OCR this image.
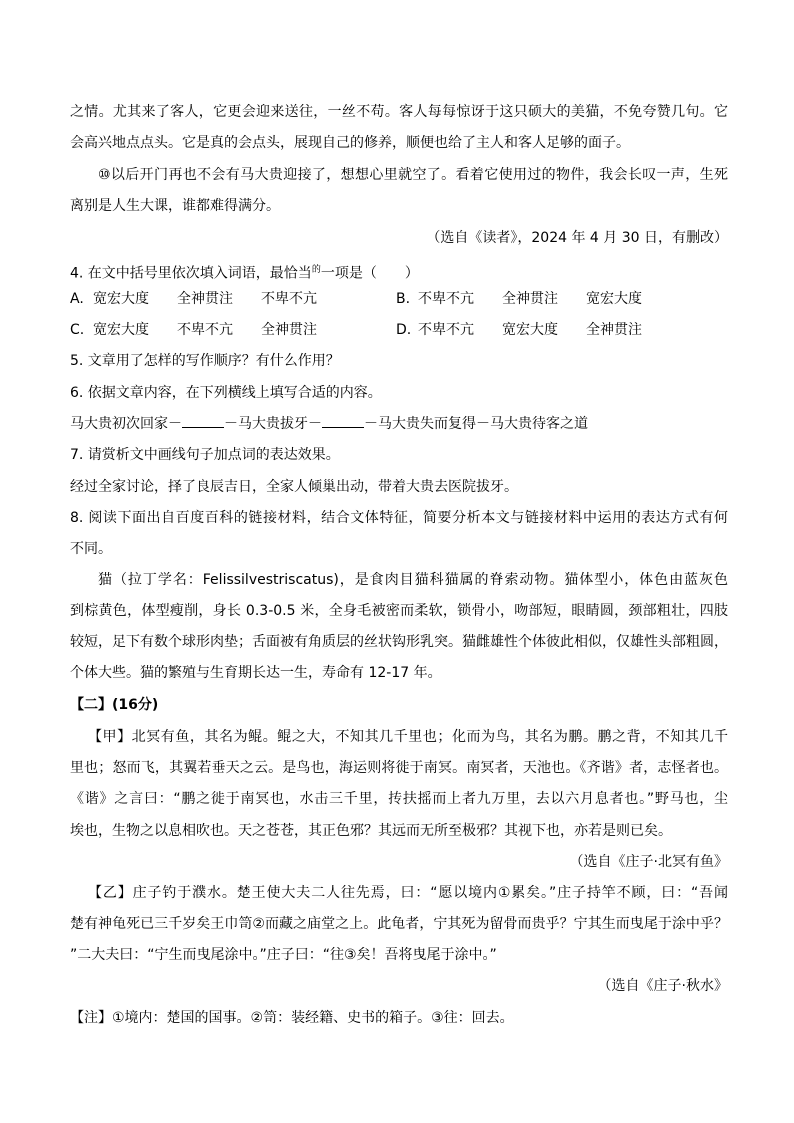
之情。尤其来了客人，它更会迎来送往，一丝不苟。客人每每惊讶于这只硕大的美猫，不免夸赞几句。它
会高兴地点点头。它是真的会点头，展现自己的修养，顺便也给了主人和客人足够的面子。
⑩以后开门再也不会有马大贵迎接了，想想心里就空了。看着它使用过的物件，我会长叹一声，生死
离别是人生大课，谁都难得满分。
（选自《读者》，2024 年 4 月 30 日，有删改）
4. 在文中括号里依次填入词语，最恰当$^的$一项是（　　）
A. 宽宏大度 全神贯注 不卑不亢	B. 不卑不亢 全神贯注 宽宏大度
C. 宽宏大度 不卑不亢 全神贯注	D. 不卑不亢 宽宏大度 全神贯注
5. 文章用了怎样的写作顺序？有什么作用？
6. 依据文章内容，在下列横线上填写合适的内容。
马大贵初次回家－	－马大贵拔牙－	－马大贵失而复得－马大贵待客之道
7. 请赏析文中画线句子加点词的表达效果。
经过全家讨论，择了良辰吉日，全家人倾巢出动，带着大贵去医院拔牙。
8. 阅读下面出自百度百科的链接材料，结合文体特征，简要分析本文与链接材料中运用的表达方式有何
不同。
猫（拉丁学名：Felissilvestriscatus)，是食肉目猫科猫属的脊索动物。猫体型小，体色由蓝灰色
到棕黄色，体型瘦削，身长 0.3-0.5 米，全身毛被密而柔软，锁骨小，吻部短，眼睛圆，颈部粗壮，四肢
较短，足下有数个球形肉垫；舌面被有角质层的丝状钩形乳突。猫雌雄性个体彼此相似，仅雄性头部粗圆，
个体大些。猫的繁殖与生育期长达一生，寿命有 12-17 年。
【二】(16分)
【甲】北冥有鱼，其名为鲲。鲲之大，不知其几千里也；化而为鸟，其名为鹏。鹏之背，不知其几千
里也；怒而飞，其翼若垂天之云。是鸟也，海运则将徙于南冥。南冥者，天池也。《齐谐》者，志怪者也。
《谐》之言曰：“鹏之徙于南冥也，水击三千里，抟扶摇而上者九万里，去以六月息者也。”野马也，尘
埃也，生物之以息相吹也。天之苍苍，其正色邪？其远而无所至极邪？其视下也，亦若是则已矣。
（选自《庄子·北冥有鱼》
【乙】庄子钓于濮水。楚王使大夫二人往先焉，曰：“愿以境内①累矣。”庄子持竿不顾，曰：“吾闻
楚有神龟死已三千岁矣王巾笥②而藏之庙堂之上。此龟者，宁其死为留骨而贵乎？宁其生而曳尾于涂中乎？
”二大夫曰：“宁生而曳尾涂中。”庄子曰：“往③矣！吾将曳尾于涂中。”
（选自《庄子·秋水》
【注】①境内：楚国的国事。②笥：装经籍、史书的箱子。③往：回去。
